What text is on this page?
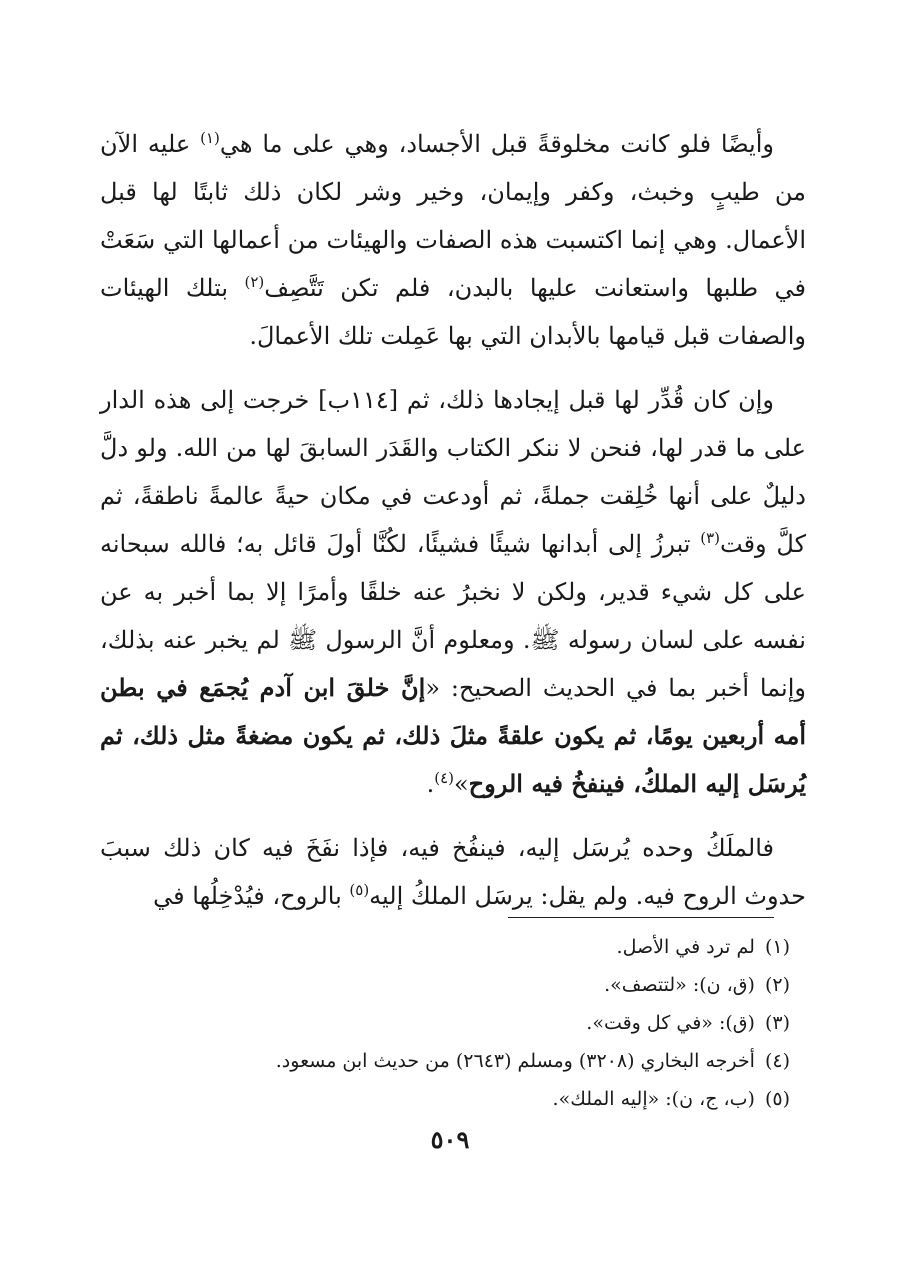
وأيضًا فلو كانت مخلوقةً قبل الأجساد، وهي على ما هي$^{(١)}$ عليه الآن من طيبٍ وخبث، وكفر وإيمان، وخير وشر لكان ذلك ثابتًا لها قبل الأعمال. وهي إنما اكتسبت هذه الصفات والهيئات من أعمالها التي سَعَتْ في طلبها واستعانت عليها بالبدن، فلم تكن تَتَّصِف$^{(٢)}$ بتلك الهيئات والصفات قبل قيامها بالأبدان التي بها عَمِلت تلك الأعمالَ.

وإن كان قُدِّر لها قبل إيجادها ذلك، ثم [١١٤ب] خرجت إلى هذه الدار على ما قدر لها، فنحن لا ننكر الكتاب والقَدَر السابقَ لها من الله. ولو دلَّ دليلٌ على أنها خُلِقت جملةً، ثم أودعت في مكان حيةً عالمةً ناطقةً، ثم كلَّ وقت$^{(٣)}$ تبرزُ إلى أبدانها شيئًا فشيئًا، لكُنَّا أولَ قائل به؛ فالله سبحانه على كل شيء قدير، ولكن لا نخبرُ عنه خلقًا وأمرًا إلا بما أخبر به عن نفسه على لسان رسوله ﷺ. ومعلوم أنَّ الرسول ﷺ لم يخبر عنه بذلك، وإنما أخبر بما في الحديث الصحيح: «إنَّ خلقَ ابن آدم يُجمَع في بطن أمه أربعين يومًا، ثم يكون علقةً مثلَ ذلك، ثم يكون مضغةً مثل ذلك، ثم يُرسَل إليه الملكُ، فينفخُ فيه الروح»$^{(٤)}$.

فالملَكُ وحده يُرسَل إليه، فينفُخ فيه، فإذا نفَخَ فيه كان ذلك سببَ حدوث الروح فيه. ولم يقل: يرسَل الملكُ إليه$^{(٥)}$ بالروح، فيُدْخِلُها في

(١)لم ترد في الأصل.
(٢)(ق، ن): «لتتصف».
(٣)(ق): «في كل وقت».
(٤)أخرجه البخاري (٣٢٠٨) ومسلم (٢٦٤٣) من حديث ابن مسعود.
(٥)(ب، ج، ن): «إليه الملك».
٥٠٩
